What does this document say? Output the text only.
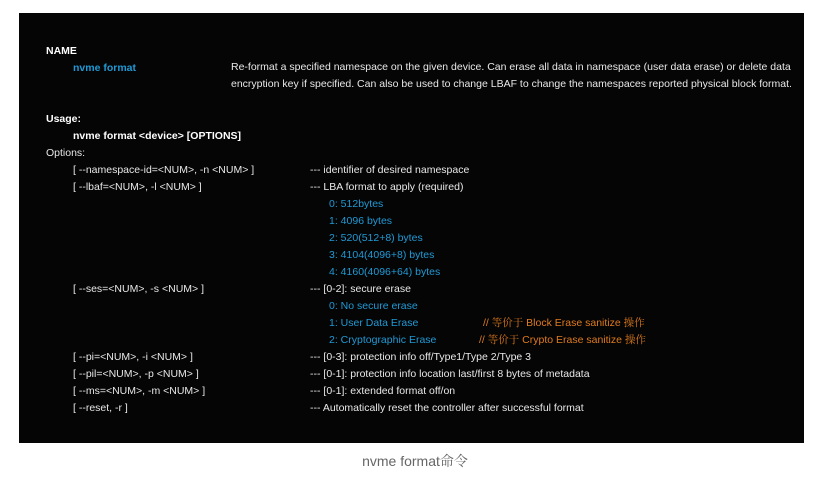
NAME
nvme format	Re-format a specified namespace on the given device. Can erase all data in namespace (user data erase) or delete data encryption key if specified. Can also be used to change LBAF to change the namespaces reported physical block format.
Usage:
nvme format <device> [OPTIONS]
Options:
[ --namespace-id=<NUM>, -n <NUM> ]	--- identifier of desired namespace
[ --lbaf=<NUM>, -l <NUM> ]	--- LBA format to apply (required)
0: 512bytes
1: 4096 bytes
2: 520(512+8) bytes
3: 4104(4096+8) bytes
4: 4160(4096+64) bytes
[ --ses=<NUM>, -s <NUM> ]	--- [0-2]: secure erase
0: No secure erase
1: User Data Erase	// 等价于 Block Erase sanitize 操作
2: Cryptographic Erase	// 等价于 Crypto Erase sanitize 操作
[ --pi=<NUM>, -i <NUM> ]	--- [0-3]: protection info off/Type1/Type 2/Type 3
[ --pil=<NUM>, -p <NUM> ]	--- [0-1]: protection info location last/first 8 bytes of metadata
[ --ms=<NUM>, -m <NUM> ]	--- [0-1]: extended format off/on
[ --reset, -r ]	--- Automatically reset the controller after successful format
nvme format命令
